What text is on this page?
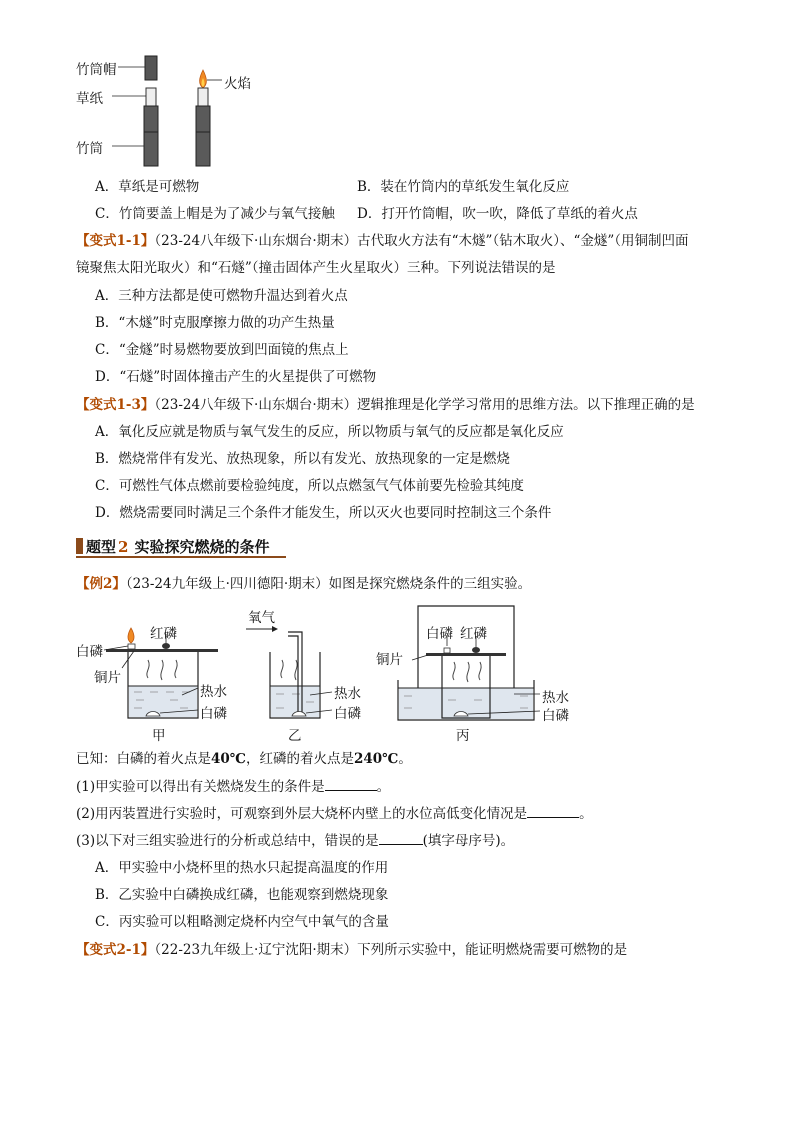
竹筒帽
草纸
竹筒
火焰
A．草纸是可燃物	B．装在竹筒内的草纸发生氧化反应
C．竹筒要盖上帽是为了减少与氧气接触 D．打开竹筒帽，吹一吹，降低了草纸的着火点
【变式1-1】（23-24八年级下·山东烟台·期末）古代取火方法有“木燧”（钻木取火）、“金燧”（用铜制凹面
镜聚焦太阳光取火）和“石燧”（撞击固体产生火星取火）三种。下列说法错误的是
A．三种方法都是使可燃物升温达到着火点
B．“木燧”时克服摩擦力做的功产生热量
C．“金燧”时易燃物要放到凹面镜的焦点上
D．“石燧”时固体撞击产生的火星提供了可燃物
【变式1-3】（23-24八年级下·山东烟台·期末）逻辑推理是化学学习常用的思维方法。以下推理正确的是
A．氧化反应就是物质与氧气发生的反应，所以物质与氧气的反应都是氧化反应
B．燃烧常伴有发光、放热现象，所以有发光、放热现象的一定是燃烧
C．可燃性气体点燃前要检验纯度，所以点燃氢气气体前要先检验其纯度
D．燃烧需要同时满足三个条件才能发生，所以灭火也要同时控制这三个条件
题型 2 实验探究燃烧的条件
【例2】（23-24九年级上·四川德阳·期末）如图是探究燃烧条件的三组实验。
白磷
红磷
铜片
热水
白磷
甲
氧气
热水
白磷
乙
白磷 红磷
铜片
热水
白磷
丙
已知：白磷的着火点是40℃，红磷的着火点是240℃。
(1)甲实验可以得出有关燃烧发生的条件是	。
(2)用丙装置进行实验时，可观察到外层大烧杯内壁上的水位高低变化情况是	。
(3)以下对三组实验进行的分析或总结中，错误的是	(填字母序号)。
A．甲实验中小烧杯里的热水只起提高温度的作用
B．乙实验中白磷换成红磷，也能观察到燃烧现象
C．丙实验可以粗略测定烧杯内空气中氧气的含量
【变式2-1】（22-23九年级上·辽宁沈阳·期末）下列所示实验中，能证明燃烧需要可燃物的是
